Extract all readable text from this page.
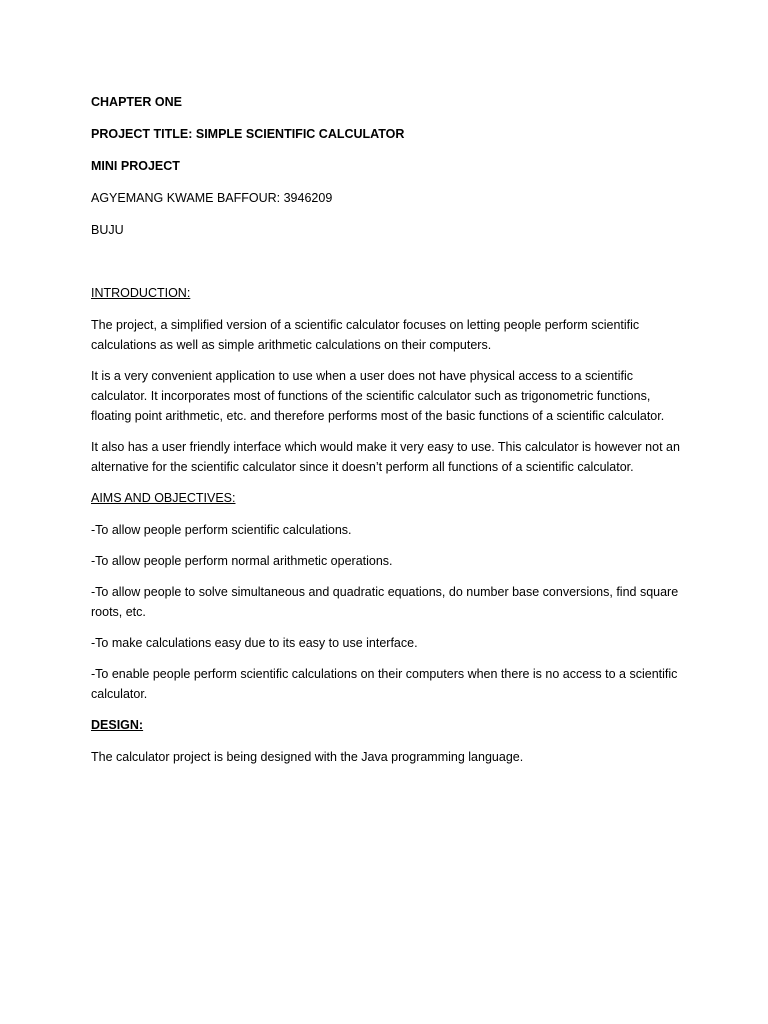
CHAPTER ONE

PROJECT TITLE: SIMPLE SCIENTIFIC CALCULATOR

MINI PROJECT

AGYEMANG KWAME BAFFOUR: 3946209

BUJU

INTRODUCTION:

The project, a simplified version of a scientific calculator focuses on letting people perform scientific calculations as well as simple arithmetic calculations on their computers.

It is a very convenient application to use when a user does not have physical access to a scientific calculator. It incorporates most of functions of the scientific calculator such as trigonometric functions, floating point arithmetic, etc. and therefore performs most of the basic functions of a scientific calculator.

It also has a user friendly interface which would make it very easy to use. This calculator is however not an alternative for the scientific calculator since it doesn’t perform all functions of a scientific calculator.

AIMS AND OBJECTIVES:

-To allow people perform scientific calculations.

-To allow people perform normal arithmetic operations.

-To allow people to solve simultaneous and quadratic equations, do number base conversions, find square roots, etc.

-To make calculations easy due to its easy to use interface.

-To enable people perform scientific calculations on their computers when there is no access to a scientific calculator.

DESIGN:

The calculator project is being designed with the Java programming language.
